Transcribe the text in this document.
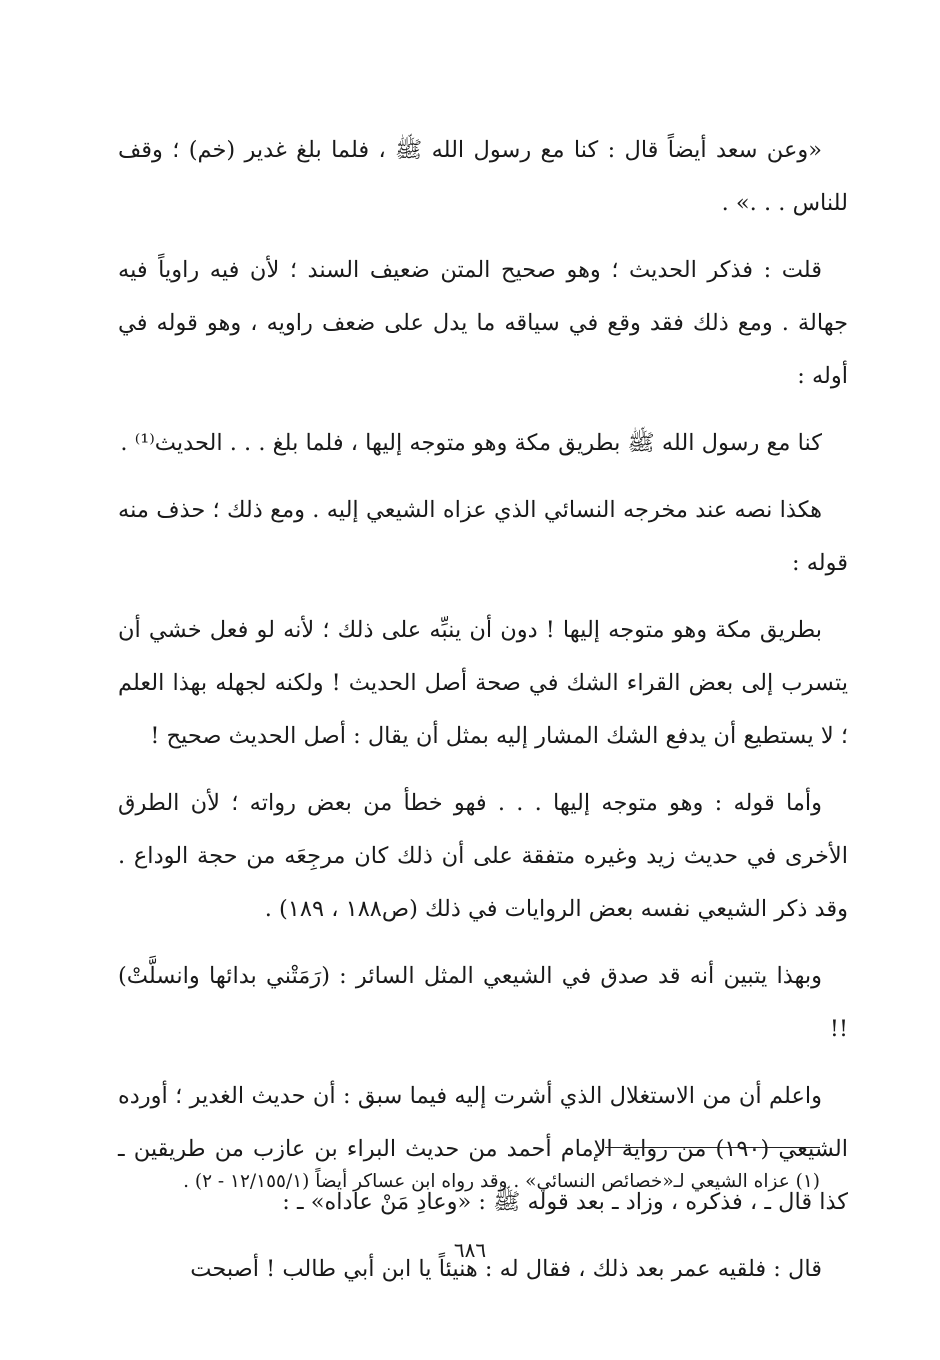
«وعن سعد أيضاً قال : كنا مع رسول الله ﷺ ، فلما بلغ غدير (خم) ؛ وقف للناس . . .» .

قلت : فذكر الحديث ؛ وهو صحيح المتن ضعيف السند ؛ لأن فيه راوياً فيه جهالة . ومع ذلك فقد وقع في سياقه ما يدل على ضعف راويه ، وهو قوله في أوله :

كنا مع رسول الله ﷺ بطريق مكة وهو متوجه إليها ، فلما بلغ . . . الحديث⁽¹⁾ .

هكذا نصه عند مخرجه النسائي الذي عزاه الشيعي إليه . ومع ذلك ؛ حذف منه قوله :

بطريق مكة وهو متوجه إليها ! دون أن ينبِّه على ذلك ؛ لأنه لو فعل خشي أن يتسرب إلى بعض القراء الشك في صحة أصل الحديث ! ولكنه لجهله بهذا العلم ؛ لا يستطيع أن يدفع الشك المشار إليه بمثل أن يقال : أصل الحديث صحيح !

وأما قوله : وهو متوجه إليها . . . فهو خطأ من بعض رواته ؛ لأن الطرق الأخرى في حديث زيد وغيره متفقة على أن ذلك كان مرجِعَه من حجة الوداع . وقد ذكر الشيعي نفسه بعض الروايات في ذلك (ص١٨٨ ، ١٨٩) .

وبهذا يتبين أنه قد صدق في الشيعي المثل السائر : (رَمَتْني بدائها وانسلَّتْ) !!

واعلم أن من الاستغلال الذي أشرت إليه فيما سبق : أن حديث الغدير ؛ أورده الشيعي (١٩٠) من رواية الإمام أحمد من حديث البراء بن عازب من طريقين ـ كذا قال ـ ، فذكره ، وزاد ـ بعد قوله ﷺ : «وعادِ مَنْ عاداه» ـ :

قال : فلقيه عمر بعد ذلك ، فقال له : هنيئاً يا ابن أبي طالب ! أصبحت

(١) عزاه الشيعي لـ«خصائص النسائي» . وقد رواه ابن عساكر أيضاً (١٢/١٥٥/١ - ٢) .
٦٨٦
